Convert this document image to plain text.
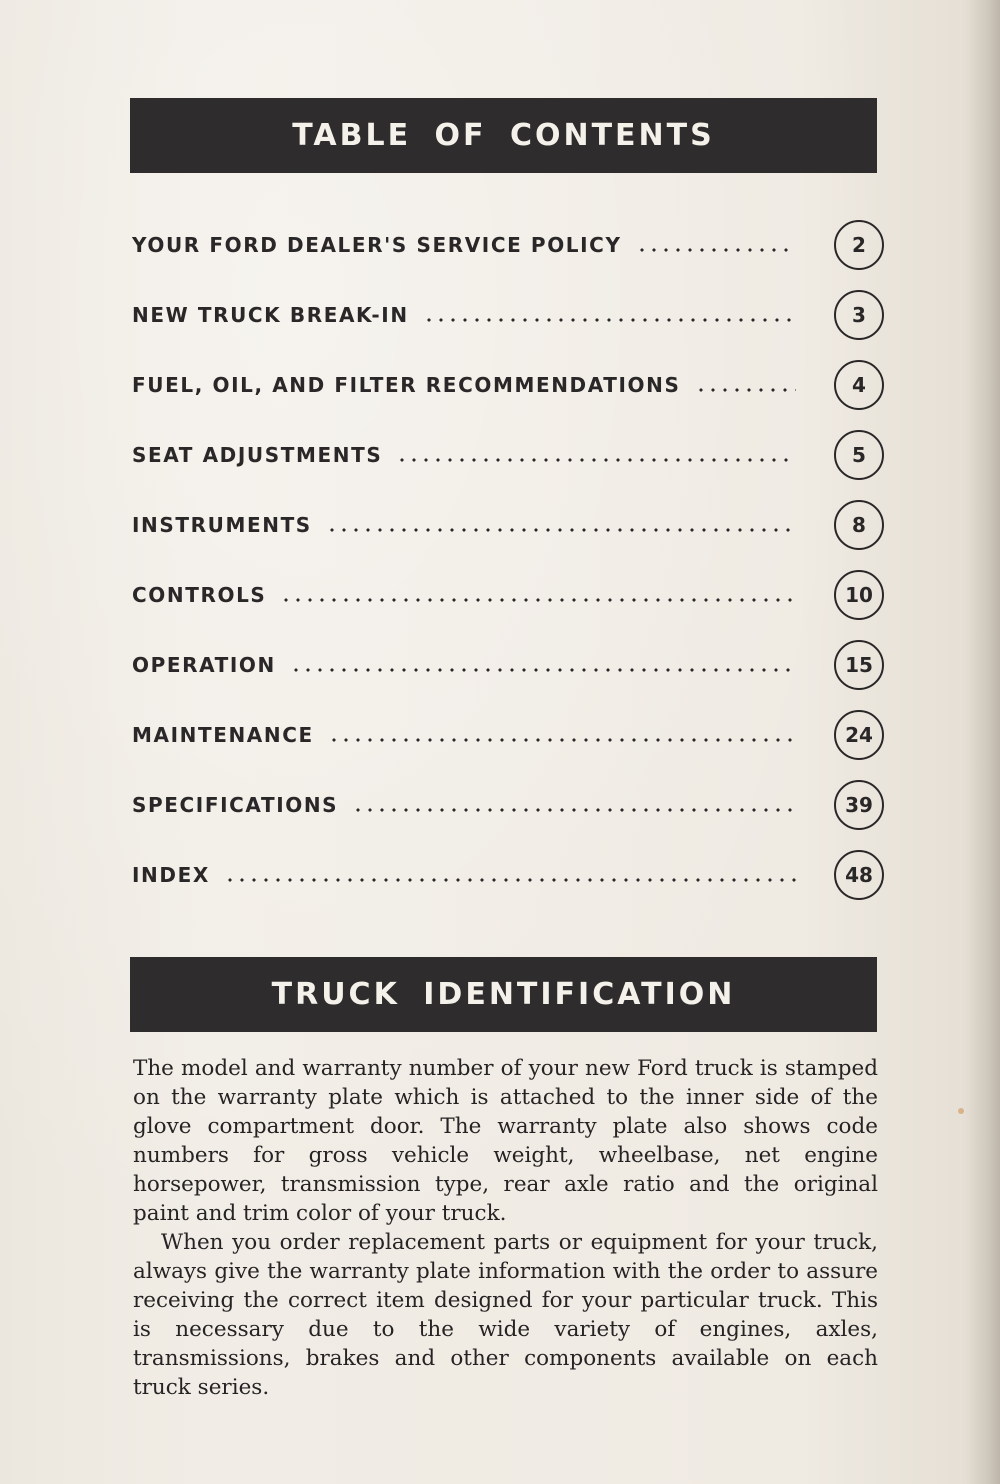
TABLE OF CONTENTS
YOUR FORD DEALER'S SERVICE POLICY	2
NEW TRUCK BREAK-IN	3
FUEL, OIL, AND FILTER RECOMMENDATIONS	4
SEAT ADJUSTMENTS	5
INSTRUMENTS	8
CONTROLS	10
OPERATION	15
MAINTENANCE	24
SPECIFICATIONS	39
INDEX	48
TRUCK IDENTIFICATION

The model and warranty number of your new Ford truck is stamped on the warranty plate which is attached to the inner side of the glove compartment door. The warranty plate also shows code numbers for gross vehicle weight, wheelbase, net engine horsepower, transmission type, rear axle ratio and the original paint and trim color of your truck.

When you order replacement parts or equipment for your truck, always give the warranty plate information with the order to assure receiving the correct item designed for your particular truck. This is necessary due to the wide variety of engines, axles, transmissions, brakes and other components available on each truck series.
